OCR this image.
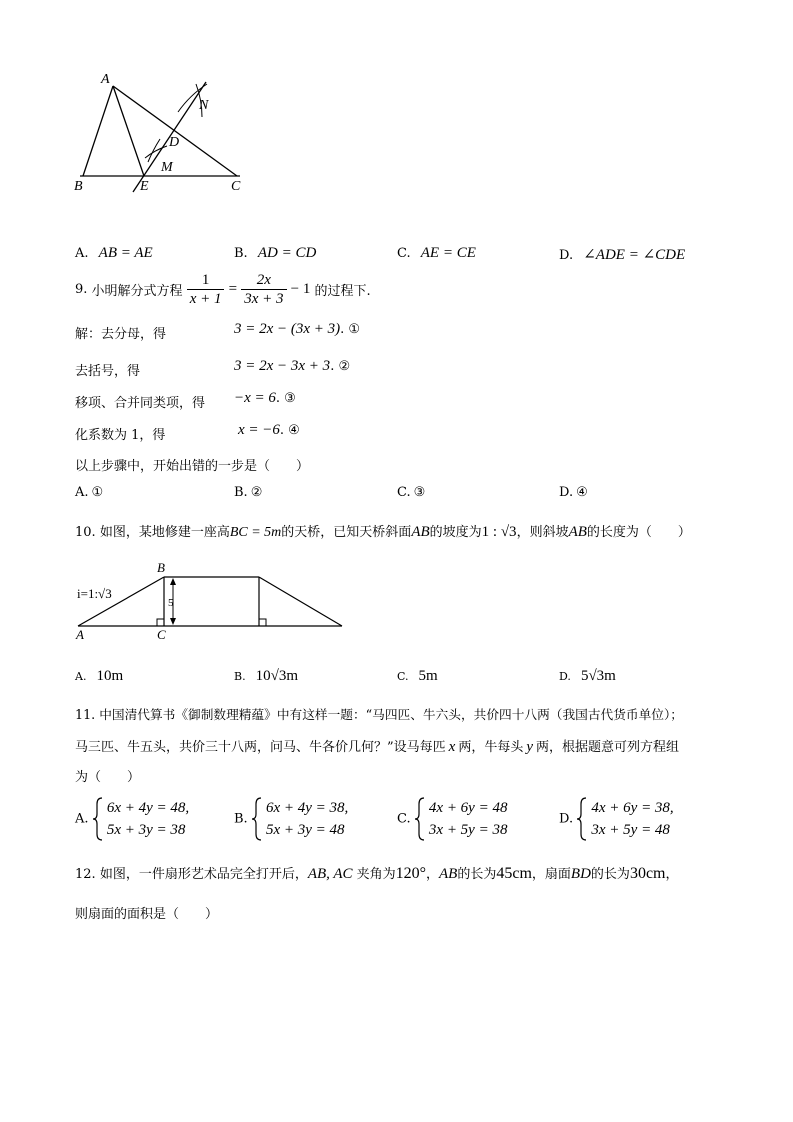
A
B	C
D
E
M
N
A. AB = AE	B. AD = CD	C. AE = CE	D. ∠ADE = ∠CDE
9. 小明解分式方程 $\frac{1}{x + 1} = \frac{2x}{3x + 3} - 1$ 的过程下.
解：去分母，得	3 = 2x − (3x + 3). ①
去括号，得	3 = 2x − 3x + 3. ②
移项、合并同类项，得 −x = 6. ③
化系数为 1，得	x = −6. ④
以上步骤中，开始出错的一步是（　　）
A. ①	B. ②	C. ③	D. ④
10. 如图，某地修建一座高BC = 5m的天桥，已知天桥斜面AB的坡度为1 : √3，则斜坡AB的长度为（　　）
5
i=1:√3
A
B
C
A. 10m	B. 10√3m	C. 5m	D. 5√3m
11. 中国清代算书《御制数理精蕴》中有这样一题：“马四匹、牛六头，共价四十八两（我国古代货币单位）；
马三匹、牛五头，共价三十八两，问马、牛各价几何？”设马每匹 x 两，牛每头 y 两，根据题意可列方程组
为（　　）
A.
6x + 4y = 48,
5x + 3y = 38
B.
6x + 4y = 38,
5x + 3y = 48
C.
4x + 6y = 48
3x + 5y = 38
D.
4x + 6y = 38,
3x + 5y = 48
12. 如图，一件扇形艺术品完全打开后，AB, AC 夹角为120°，AB的长为45cm，扇面BD的长为30cm，
则扇面的面积是（　　）
